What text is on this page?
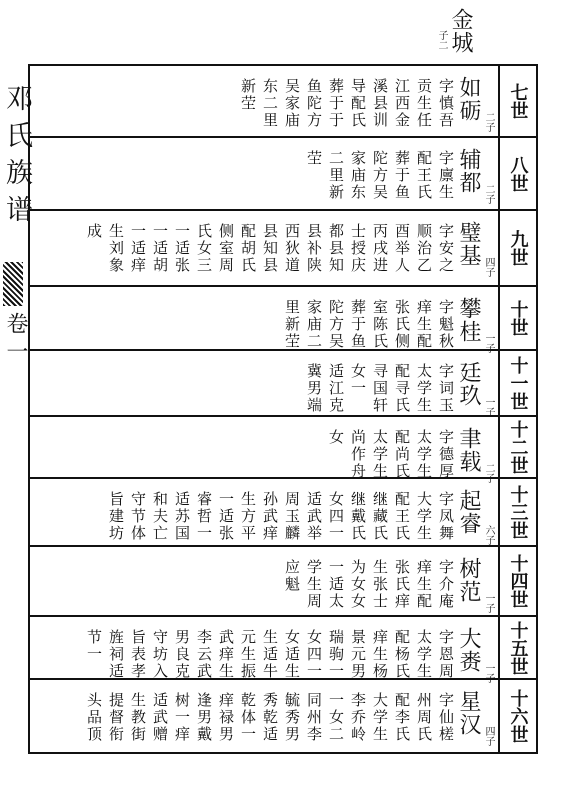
金城
子二
邓氏族谱
卷一
七世
如砺 二子
字慎吾
贡生任
江西金
溪县训
导配氏
葬于于
鱼陀方
吴家庙
东二里
新茔
八世
辅都 二子
字廪生
配王氏
葬于鱼
陀方吴
家庙东
二里新
茔
九世
璧基 四子
字安之
顺治乙
酉举人
丙戌进
士授庆
都县知
县补陕
西狄道
县知县
配胡氏
侧室周
氏女三
一适张
一适胡
一适痒
生刘象
成
十世
攀桂 一子
字魁秋
痒生配
张氏侧
室陈氏
葬于鱼
陀方吴
家庙二
里新茔
十一世
廷玖 一子
字词玉
太学生
配寻氏
寻国轩
女一
适江克
冀男端
十二世
聿载 二子
字德厚
太学生
配尚氏
太学生
尚作舟
女
十三世
起睿 六子
字凤舞
大学生
配王氏
继藏氏
继戴氏
女四一
适武举
周玉麟
孙武痒
生方平
一适张
睿哲一
适苏国
和夫亡
守节体
旨建坊
十四世
树范 一子
字介庵
痒生配
张氏痒
生张士
为女女
一适太
学生周
应魁
十五世
大赉 一子
字恩周
太学生
配杨氏
痒生杨
景元男
瑞驹一
女四一
女适生
生适牛
元生振
武痒生
李云武
男良克
守坊入
旨表孝
旌祠适
节一
十六世
星汉 四子
字仙槎
州周氏
配李氏
大学生
李乔岭
一女二
同州李
毓秀男
秀乾适
乾体一
痒禄男
逢男戴
树一痒
适武赠
生教街
提督衔
头品顶
